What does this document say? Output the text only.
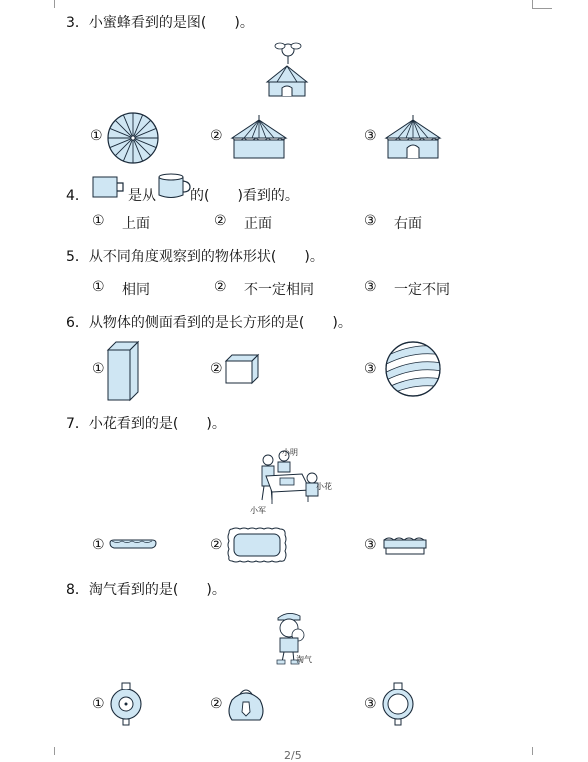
3．小蜜蜂看到的是图(　　)。
①	②	③
4．	是从 的(　　)看到的。
① 上面	② 正面	③ 右面
5．从不同角度观察到的物体形状(　　)。
① 相同	② 不一定相同	③ 一定不同
6．从物体的侧面看到的是长方形的是(　　)。
①	②	③
7．小花看到的是(　　)。
小明
小花
小军
①	②	③
8．淘气看到的是(　　)。
淘气
①	②	③
2/5
